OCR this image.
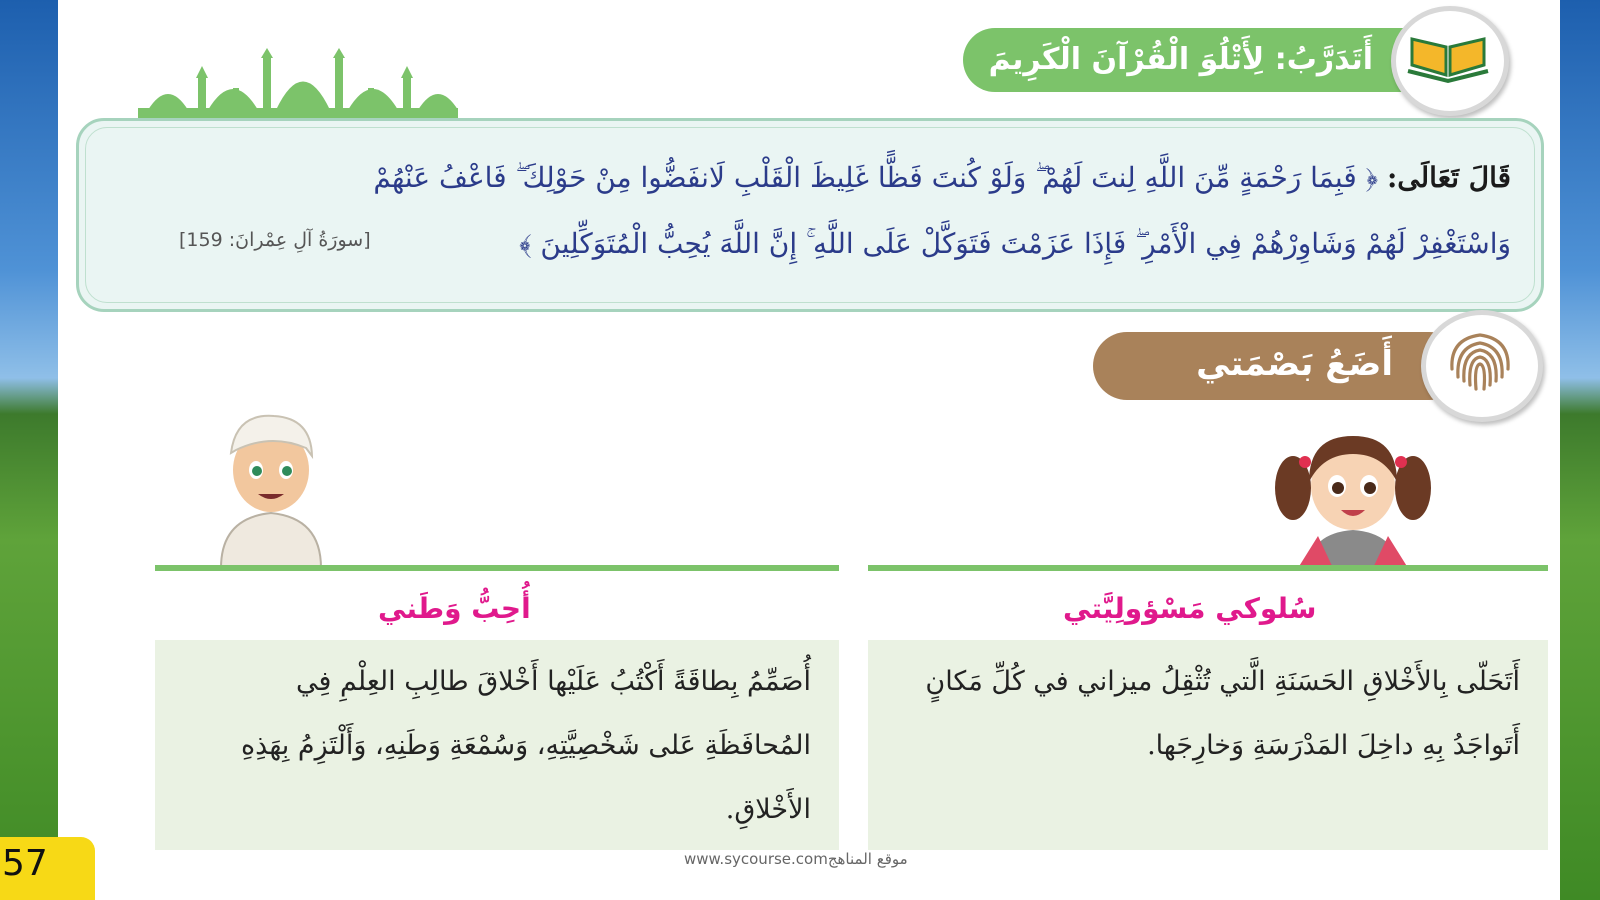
أَتَدَرَّبُ: لِأَتْلُوَ الْقُرْآنَ الْكَرِيمَ
قَالَ تَعَالَى: ﴿ فَبِمَا رَحْمَةٍ مِّنَ اللَّهِ لِنتَ لَهُمْ ۖ وَلَوْ كُنتَ فَظًّا غَلِيظَ الْقَلْبِ لَانفَضُّوا مِنْ حَوْلِكَ ۖ فَاعْفُ عَنْهُمْ
وَاسْتَغْفِرْ لَهُمْ وَشَاوِرْهُمْ فِي الْأَمْرِ ۖ فَإِذَا عَزَمْتَ فَتَوَكَّلْ عَلَى اللَّهِ ۚ إِنَّ اللَّهَ يُحِبُّ الْمُتَوَكِّلِينَ ﴾
[سورَةُ آلِ عِمْرانَ: 159]
أَضَعُ بَصْمَتي
أُحِبُّ وَطَني	سُلوكي مَسْؤولِيَّتي
أُصَمِّمُ بِطاقَةً أَكْتُبُ عَلَيْها أَخْلاقَ طالِبِ العِلْمِ فِي المُحافَظَةِ عَلى شَخْصِيَّتِهِ، وَسُمْعَةِ وَطَنِهِ، وَأَلْتَزِمُ بِهَذِهِ الأَخْلاقِ.
أَتَحَلّى بِالأَخْلاقِ الحَسَنَةِ الَّتي تُثْقِلُ ميزاني في كُلِّ مَكانٍ أَتَواجَدُ بِهِ داخِلَ المَدْرَسَةِ وَخارِجَها.
www.sycourse.comموقع المناهج
57
